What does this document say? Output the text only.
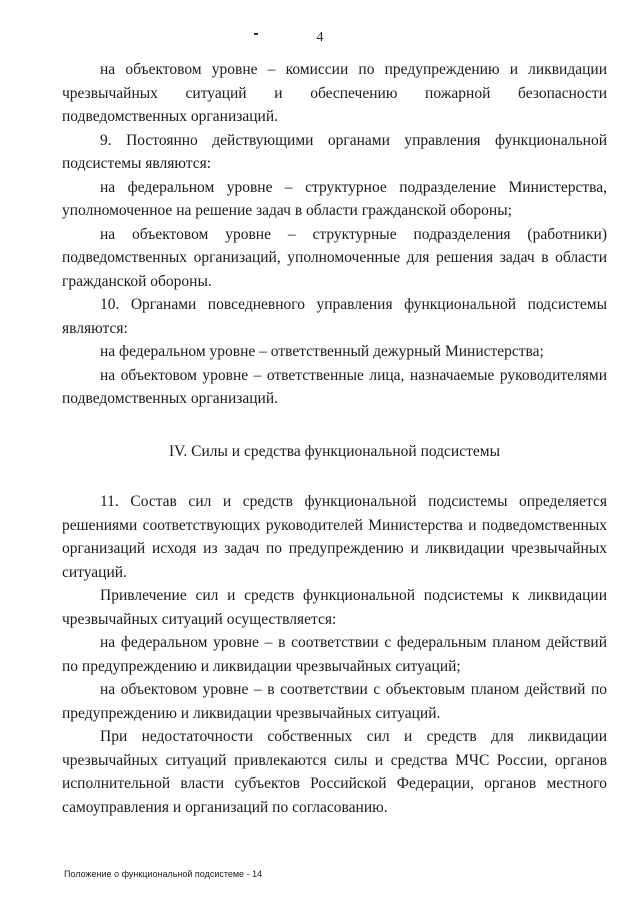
4

на объектовом уровне – комиссии по предупреждению и ликвидации чрезвычайных ситуаций и обеспечению пожарной безопасности подведомственных организаций.

9. Постоянно действующими органами управления функциональной подсистемы являются:

на федеральном уровне – структурное подразделение Министерства, уполномоченное на решение задач в области гражданской обороны;

на объектовом уровне – структурные подразделения (работники) подведомственных организаций, уполномоченные для решения задач в области гражданской обороны.

10. Органами повседневного управления функциональной подсистемы являются:

на федеральном уровне – ответственный дежурный Министерства;

на объектовом уровне – ответственные лица, назначаемые руководителями подведомственных организаций.

IV. Силы и средства функциональной подсистемы

11. Состав сил и средств функциональной подсистемы определяется решениями соответствующих руководителей Министерства и подведомственных организаций исходя из задач по предупреждению и ликвидации чрезвычайных ситуаций.

Привлечение сил и средств функциональной подсистемы к ликвидации чрезвычайных ситуаций осуществляется:

на федеральном уровне – в соответствии с федеральным планом действий по предупреждению и ликвидации чрезвычайных ситуаций;

на объектовом уровне – в соответствии с объектовым планом действий по предупреждению и ликвидации чрезвычайных ситуаций.

При недостаточности собственных сил и средств для ликвидации чрезвычайных ситуаций привлекаются силы и средства МЧС России, органов исполнительной власти субъектов Российской Федерации, органов местного самоуправления и организаций по согласованию.

Положение о функциональной подсистеме - 14
